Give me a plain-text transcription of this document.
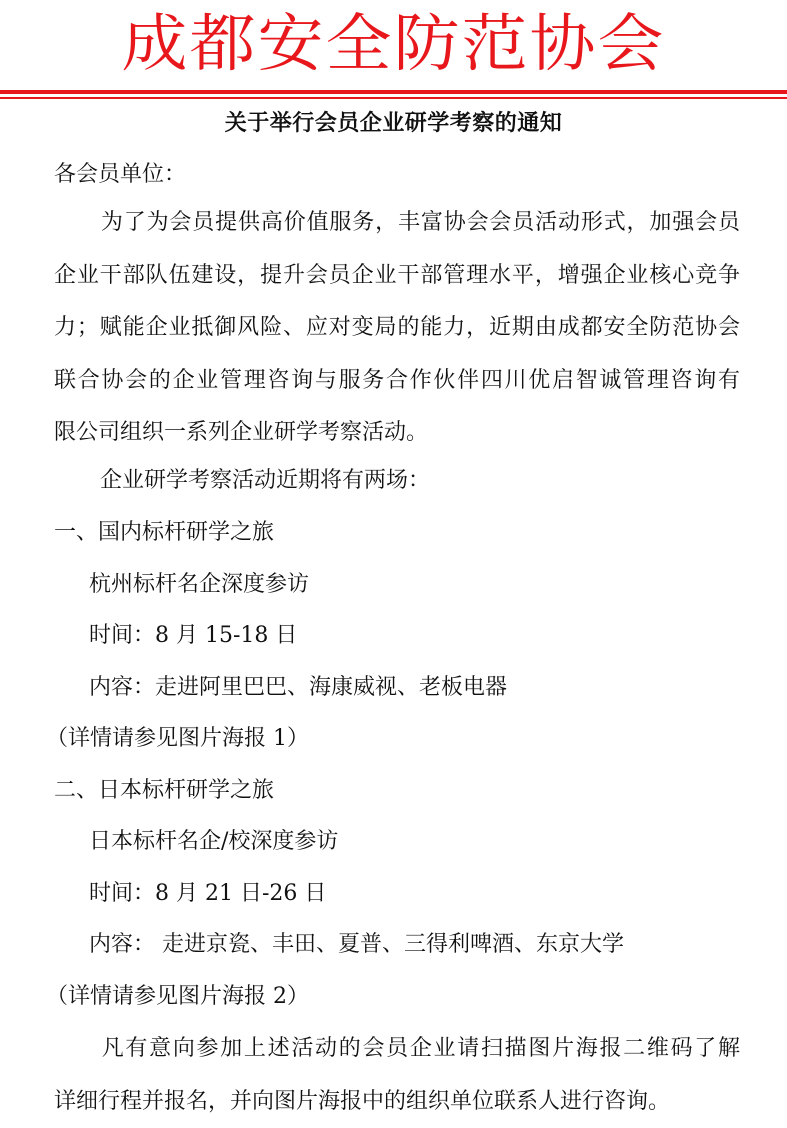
成都安全防范协会
关于举行会员企业研学考察的通知
各会员单位：
为了为会员提供高价值服务，丰富协会会员活动形式，加强会员
企业干部队伍建设，提升会员企业干部管理水平，增强企业核心竞争
力；赋能企业抵御风险、应对变局的能力，近期由成都安全防范协会
联合协会的企业管理咨询与服务合作伙伴四川优启智诚管理咨询有
限公司组织一系列企业研学考察活动。
企业研学考察活动近期将有两场：
一、国内标杆研学之旅
杭州标杆名企深度参访
时间：8 月 15-18 日
内容：走进阿里巴巴、海康威视、老板电器
（详情请参见图片海报 1）
二、日本标杆研学之旅
日本标杆名企/校深度参访
时间：8 月 21 日-26 日
内容： 走进京瓷、丰田、夏普、三得利啤酒、东京大学
（详情请参见图片海报 2）
凡有意向参加上述活动的会员企业请扫描图片海报二维码了解
详细行程并报名，并向图片海报中的组织单位联系人进行咨询。
